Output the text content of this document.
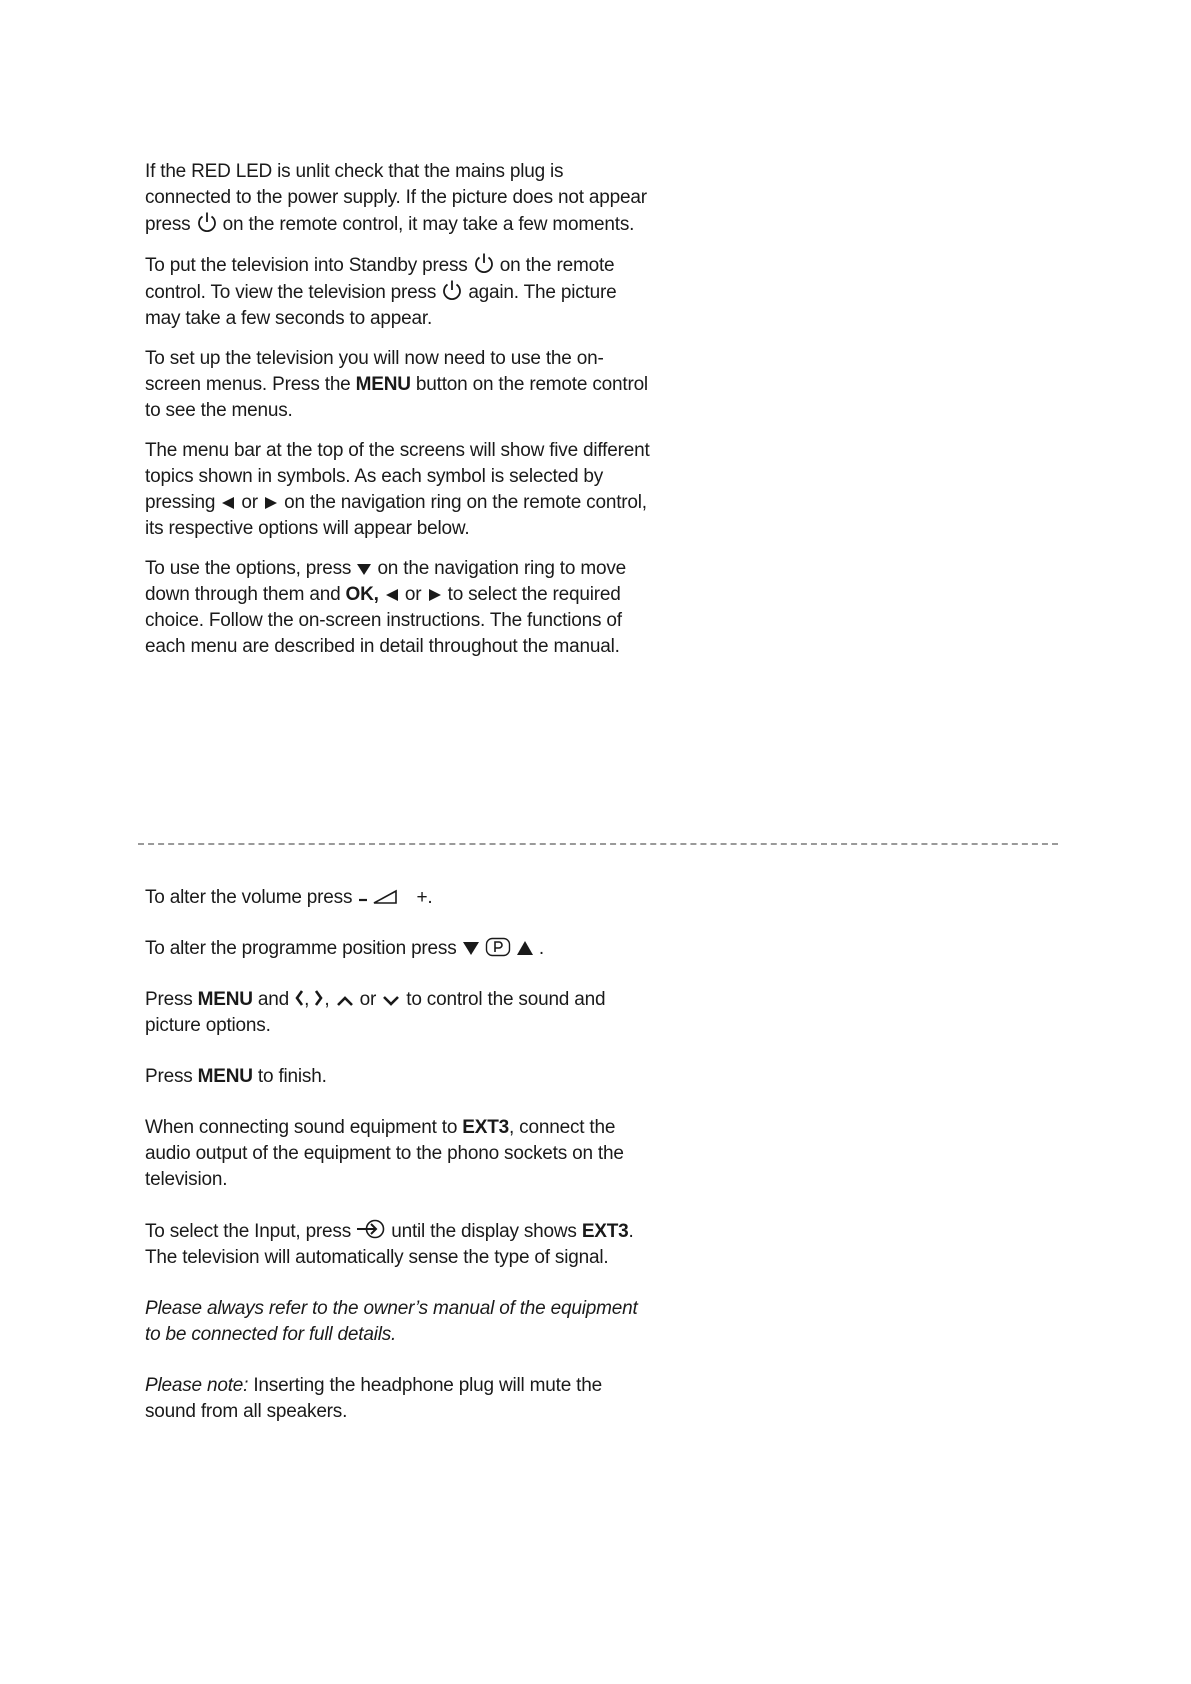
If the RED LED is unlit check that the mains plug is connected to the power supply. If the picture does not appear press on the remote control, it may take a few moments.

To put the television into Standby press on the remote control. To view the television press again. The picture may take a few seconds to appear.

To set up the television you will now need to use the on-screen menus. Press the MENU button on the remote control to see the menus.

The menu bar at the top of the screens will show five different topics shown in symbols. As each symbol is selected by pressing or on the navigation ring on the remote control, its respective options will appear below.

To use the options, press on the navigation ring to move down through them and OK, or to select the required choice. Follow the on-screen instructions. The functions of each menu are described in detail throughout the manual.

To alter the volume press	+.

To alter the programme position press	.

Press MENU and , , or to control the sound and picture options.

Press MENU to finish.

When connecting sound equipment to EXT3, connect the audio output of the equipment to the phono sockets on the television.

To select the Input, press until the display shows EXT3. The television will automatically sense the type of signal.

Please always refer to the owner’s manual of the equipment to be connected for full details.

Please note: Inserting the headphone plug will mute the sound from all speakers.
